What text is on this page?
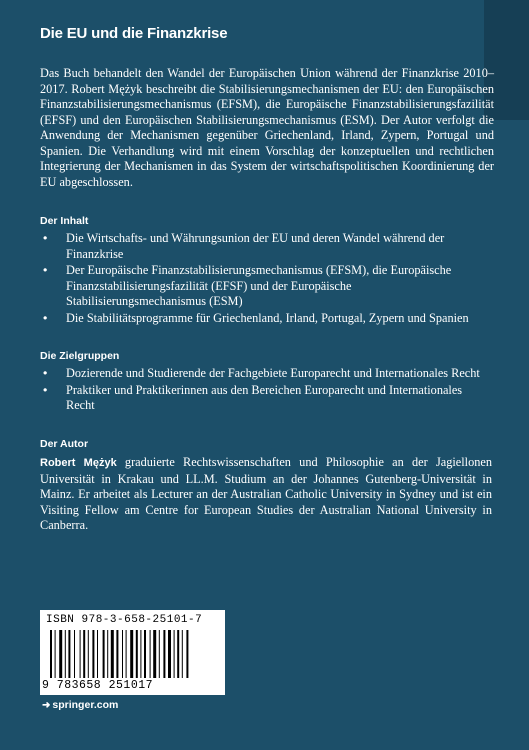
Die EU und die Finanzkrise
Das Buch behandelt den Wandel der Europäischen Union während der Finanzkrise 2010–2017. Robert Mężyk beschreibt die Stabilisierungsmechanismen der EU: den Europäischen Finanzstabilisierungsmechanismus (EFSM), die Europäische Finanzstabilisierungsfazilität (EFSF) und den Europäischen Stabilisierungsmechanismus (ESM). Der Autor verfolgt die Anwendung der Mechanismen gegenüber Griechenland, Irland, Zypern, Portugal und Spanien. Die Verhandlung wird mit einem Vorschlag der konzeptuellen und rechtlichen Integrierung der Mechanismen in das System der wirtschaftspolitischen Koordinierung der EU abgeschlossen.
Der Inhalt
• Die Wirtschafts- und Währungsunion der EU und deren Wandel während der Finanzkrise
• Der Europäische Finanzstabilisierungsmechanismus (EFSM), die Europäische Finanzstabilisierungsfazilität (EFSF) und der Europäische Stabilisierungsmechanismus (ESM)
• Die Stabilitätsprogramme für Griechenland, Irland, Portugal, Zypern und Spanien
Die Zielgruppen
• Dozierende und Studierende der Fachgebiete Europarecht und Internationales Recht
• Praktiker und Praktikerinnen aus den Bereichen Europarecht und Internationales Recht
Der Autor
Robert Mężyk graduierte Rechtswissenschaften und Philosophie an der Jagiellonen Universität in Krakau und LL.M. Studium an der Johannes Gutenberg-Universität in Mainz. Er arbeitet als Lecturer an der Australian Catholic University in Sydney und ist ein Visiting Fellow am Centre for European Studies der Australian National University in Canberra.
ISBN 978-3-658-25101-7
9 783658 251017
➜ springer.com
